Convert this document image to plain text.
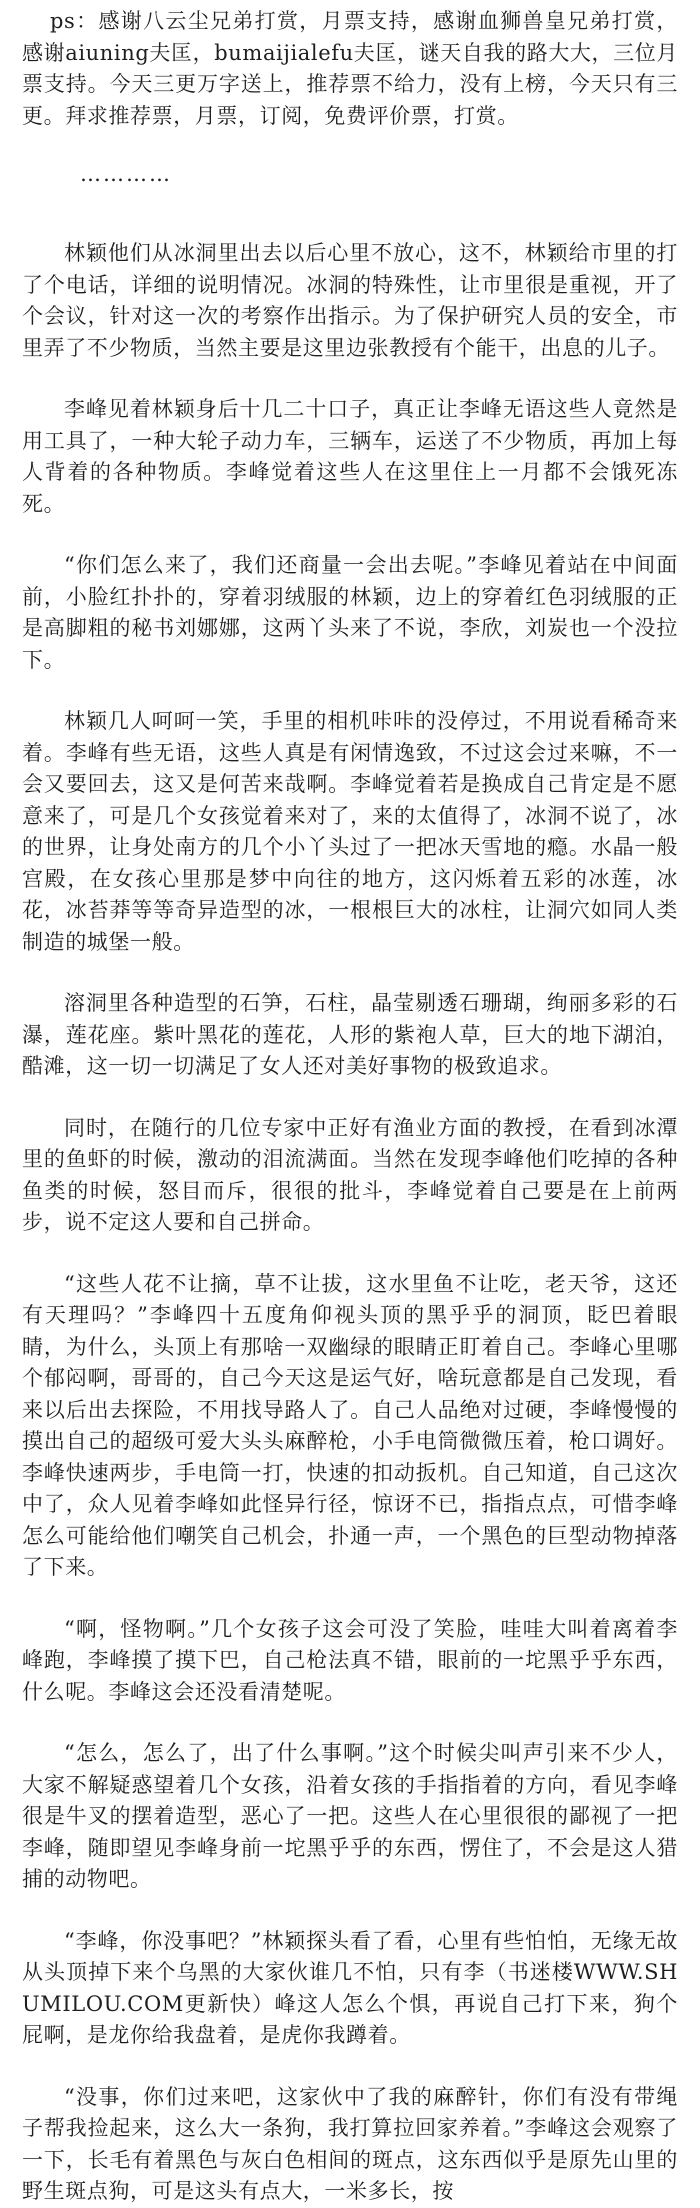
ps：感谢八云尘兄弟打赏，月票支持，感谢血狮兽皇兄弟打赏，感谢aiuning夫匡，bumaijialefu夫匡，谜天自我的路大大，三位月票支持。今天三更万字送上，推荐票不给力，没有上榜，今天只有三更。拜求推荐票，月票，订阅，免费评价票，打赏。

…………

林颖他们从冰洞里出去以后心里不放心，这不，林颖给市里的打了个电话，详细的说明情况。冰洞的特殊性，让市里很是重视，开了个会议，针对这一次的考察作出指示。为了保护研究人员的安全，市里弄了不少物质，当然主要是这里边张教授有个能干，出息的儿子。

李峰见着林颖身后十几二十口子，真正让李峰无语这些人竟然是用工具了，一种大轮子动力车，三辆车，运送了不少物质，再加上每人背着的各种物质。李峰觉着这些人在这里住上一月都不会饿死冻死。

“你们怎么来了，我们还商量一会出去呢。”李峰见着站在中间面前，小脸红扑扑的，穿着羽绒服的林颖，边上的穿着红色羽绒服的正是高脚粗的秘书刘娜娜，这两丫头来了不说，李欣，刘炭也一个没拉下。

林颖几人呵呵一笑，手里的相机咔咔的没停过，不用说看稀奇来着。李峰有些无语，这些人真是有闲情逸致，不过这会过来嘛，不一会又要回去，这又是何苦来哉啊。李峰觉着若是换成自己肯定是不愿意来了，可是几个女孩觉着来对了，来的太值得了，冰洞不说了，冰的世界，让身处南方的几个小丫头过了一把冰天雪地的瘾。水晶一般宫殿，在女孩心里那是梦中向往的地方，这闪烁着五彩的冰莲，冰花，冰苔莽等等奇异造型的冰，一根根巨大的冰柱，让洞穴如同人类制造的城堡一般。

溶洞里各种造型的石笋，石柱，晶莹剔透石珊瑚，绚丽多彩的石瀑，莲花座。紫叶黑花的莲花，人形的紫袍人草，巨大的地下湖泊，酷滩，这一切一切满足了女人还对美好事物的极致追求。

同时，在随行的几位专家中正好有渔业方面的教授，在看到冰潭里的鱼虾的时候，激动的泪流满面。当然在发现李峰他们吃掉的各种鱼类的时候，怒目而斥，很很的批斗，李峰觉着自己要是在上前两步，说不定这人要和自己拼命。

“这些人花不让摘，草不让拔，这水里鱼不让吃，老天爷，这还有天理吗？”李峰四十五度角仰视头顶的黑乎乎的洞顶，眨巴着眼睛，为什么，头顶上有那啥一双幽绿的眼睛正盯着自己。李峰心里哪个郁闷啊，哥哥的，自己今天这是运气好，啥玩意都是自己发现，看来以后出去探险，不用找导路人了。自己人品绝对过硬，李峰慢慢的摸出自己的超级可爱大头头麻醉枪，小手电筒微微压着，枪口调好。李峰快速两步，手电筒一打，快速的扣动扳机。自己知道，自己这次中了，众人见着李峰如此怪异行径，惊讶不已，指指点点，可惜李峰怎么可能给他们嘲笑自己机会，扑通一声，一个黑色的巨型动物掉落了下来。

“啊，怪物啊。”几个女孩子这会可没了笑脸，哇哇大叫着离着李峰跑，李峰摸了摸下巴，自己枪法真不错，眼前的一坨黑乎乎东西，什么呢。李峰这会还没看清楚呢。

“怎么，怎么了，出了什么事啊。”这个时候尖叫声引来不少人，大家不解疑惑望着几个女孩，沿着女孩的手指指着的方向，看见李峰很是牛叉的摆着造型，恶心了一把。这些人在心里很很的鄙视了一把李峰，随即望见李峰身前一坨黑乎乎的东西，愣住了，不会是这人猎捕的动物吧。

“李峰，你没事吧？”林颖探头看了看，心里有些怕怕，无缘无故从头顶掉下来个乌黑的大家伙谁几不怕，只有李（书迷楼WWW.SHUMILOU.COM更新快）峰这人怎么个惧，再说自己打下来，狗个屁啊，是龙你给我盘着，是虎你我蹲着。

“没事，你们过来吧，这家伙中了我的麻醉针，你们有没有带绳子帮我捡起来，这么大一条狗，我打算拉回家养着。”李峰这会观察了一下，长毛有着黑色与灰白色相间的斑点，这东西似乎是原先山里的野生斑点狗，可是这头有点大，一米多长，按
